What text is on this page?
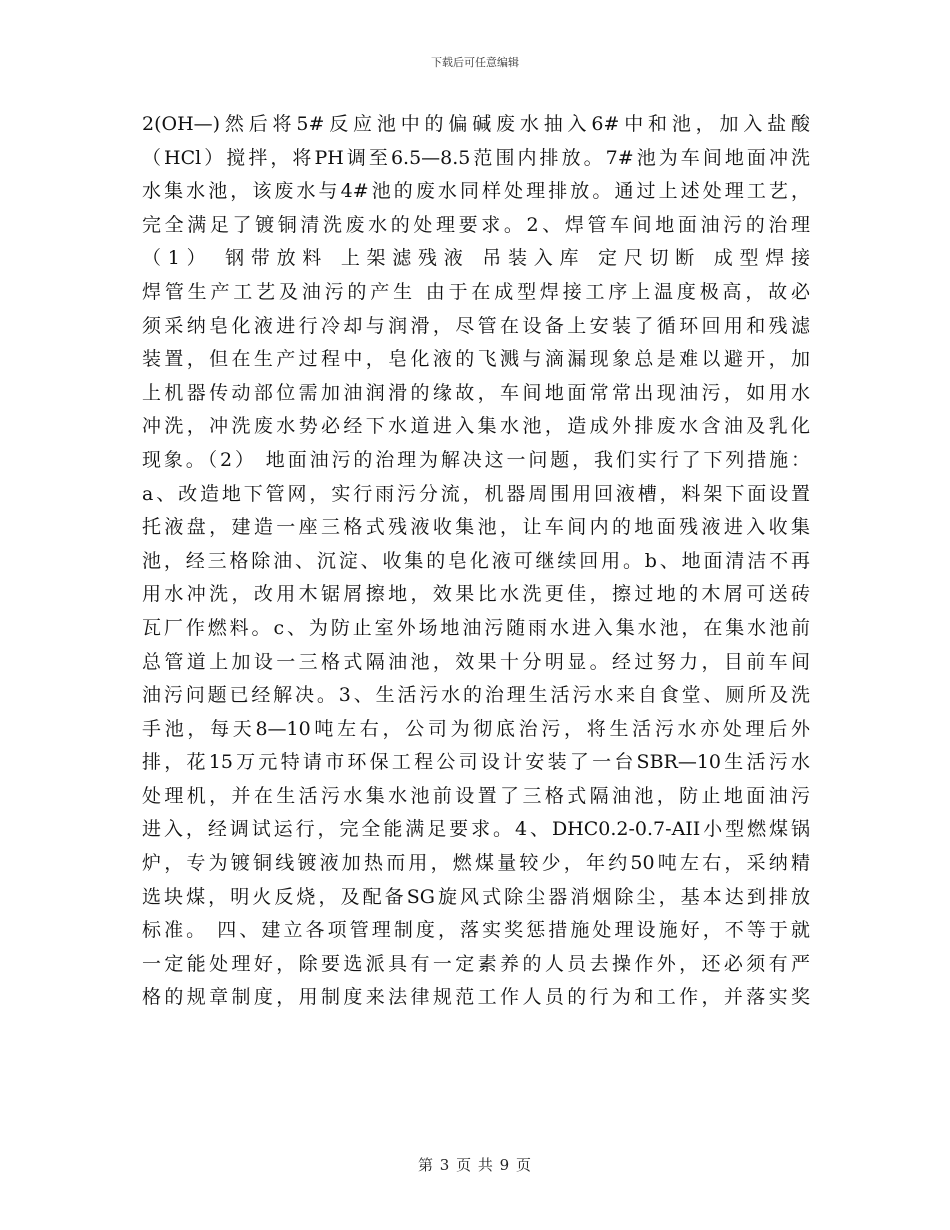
下载后可任意编辑
2(OH—)然后将5#反应池中的偏碱废水抽入6#中和池，加入盐酸
（HCl）搅拌，将PH调至6.5—8.5范围内排放。7#池为车间地面冲洗
水集水池，该废水与4#池的废水同样处理排放。通过上述处理工艺，
完全满足了镀铜清洗废水的处理要求。2、焊管车间地面油污的治理
（1） 钢带放料 上架滤残液 吊装入库 定尺切断 成型焊接
焊管生产工艺及油污的产生 由于在成型焊接工序上温度极高，故必
须采纳皂化液进行冷却与润滑，尽管在设备上安装了循环回用和残滤
装置，但在生产过程中，皂化液的飞溅与滴漏现象总是难以避开，加
上机器传动部位需加油润滑的缘故，车间地面常常出现油污，如用水
冲洗，冲洗废水势必经下水道进入集水池，造成外排废水含油及乳化
现象。（2） 地面油污的治理为解决这一问题，我们实行了下列措施：
a、改造地下管网，实行雨污分流，机器周围用回液槽，料架下面设置
托液盘，建造一座三格式残液收集池，让车间内的地面残液进入收集
池，经三格除油、沉淀、收集的皂化液可继续回用。b、地面清洁不再
用水冲洗，改用木锯屑擦地，效果比水洗更佳，擦过地的木屑可送砖
瓦厂作燃料。c、为防止室外场地油污随雨水进入集水池，在集水池前
总管道上加设一三格式隔油池，效果十分明显。经过努力，目前车间
油污问题已经解决。3、生活污水的治理生活污水来自食堂、厕所及洗
手池，每天8—10吨左右，公司为彻底治污，将生活污水亦处理后外
排，花15万元特请市环保工程公司设计安装了一台SBR—10生活污水
处理机，并在生活污水集水池前设置了三格式隔油池，防止地面油污
进入，经调试运行，完全能满足要求。4、DHC0.2-0.7-AII小型燃煤锅
炉，专为镀铜线镀液加热而用，燃煤量较少，年约50吨左右，采纳精
选块煤，明火反烧，及配备SG旋风式除尘器消烟除尘，基本达到排放
标准。 四、建立各项管理制度，落实奖惩措施处理设施好，不等于就
一定能处理好，除要选派具有一定素养的人员去操作外，还必须有严
格的规章制度，用制度来法律规范工作人员的行为和工作，并落实奖
第 3 页 共 9 页
